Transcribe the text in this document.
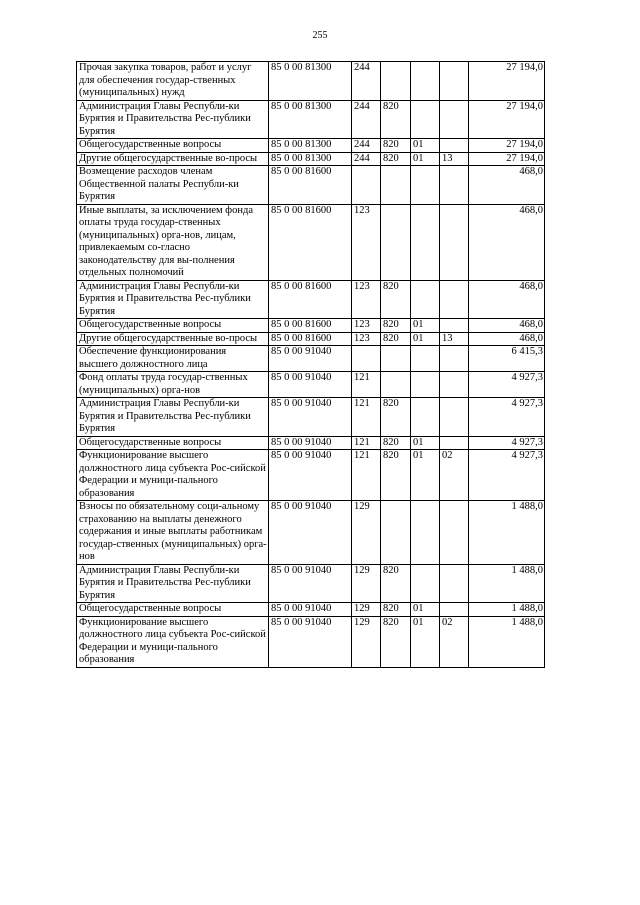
255
Прочая закупка товаров, работ и услуг для обеспечения государ-ственных (муниципальных) нужд	85 0 00 81300	244				27 194,0
Администрация Главы Республи-ки Бурятия и Правительства Рес-публики Бурятия	85 0 00 81300	244	820			27 194,0
Общегосударственные вопросы	85 0 00 81300	244	820	01		27 194,0
Другие общегосударственные во-просы	85 0 00 81300	244	820	01	13	27 194,0
Возмещение расходов членам Общественной палаты Республи-ки Бурятия	85 0 00 81600					468,0
Иные выплаты, за исключением фонда оплаты труда государ-ственных (муниципальных) орга-нов, лицам, привлекаемым со-гласно законодательству для вы-полнения отдельных полномочий	85 0 00 81600	123				468,0
Администрация Главы Республи-ки Бурятия и Правительства Рес-публики Бурятия	85 0 00 81600	123	820			468,0
Общегосударственные вопросы	85 0 00 81600	123	820	01		468,0
Другие общегосударственные во-просы	85 0 00 81600	123	820	01	13	468,0
Обеспечение функционирования высшего должностного лица	85 0 00 91040					6 415,3
Фонд оплаты труда государ-ственных (муниципальных) орга-нов	85 0 00 91040	121				4 927,3
Администрация Главы Республи-ки Бурятия и Правительства Рес-публики Бурятия	85 0 00 91040	121	820			4 927,3
Общегосударственные вопросы	85 0 00 91040	121	820	01		4 927,3
Функционирование высшего должностного лица субъекта Рос-сийской Федерации и муници-пального образования	85 0 00 91040	121	820	01	02	4 927,3
Взносы по обязательному соци-альному страхованию на выплаты денежного содержания и иные выплаты работникам государ-ственных (муниципальных) орга-нов	85 0 00 91040	129				1 488,0
Администрация Главы Республи-ки Бурятия и Правительства Рес-публики Бурятия	85 0 00 91040	129	820			1 488,0
Общегосударственные вопросы	85 0 00 91040	129	820	01		1 488,0
Функционирование высшего должностного лица субъекта Рос-сийской Федерации и муници-пального образования	85 0 00 91040	129	820	01	02	1 488,0
